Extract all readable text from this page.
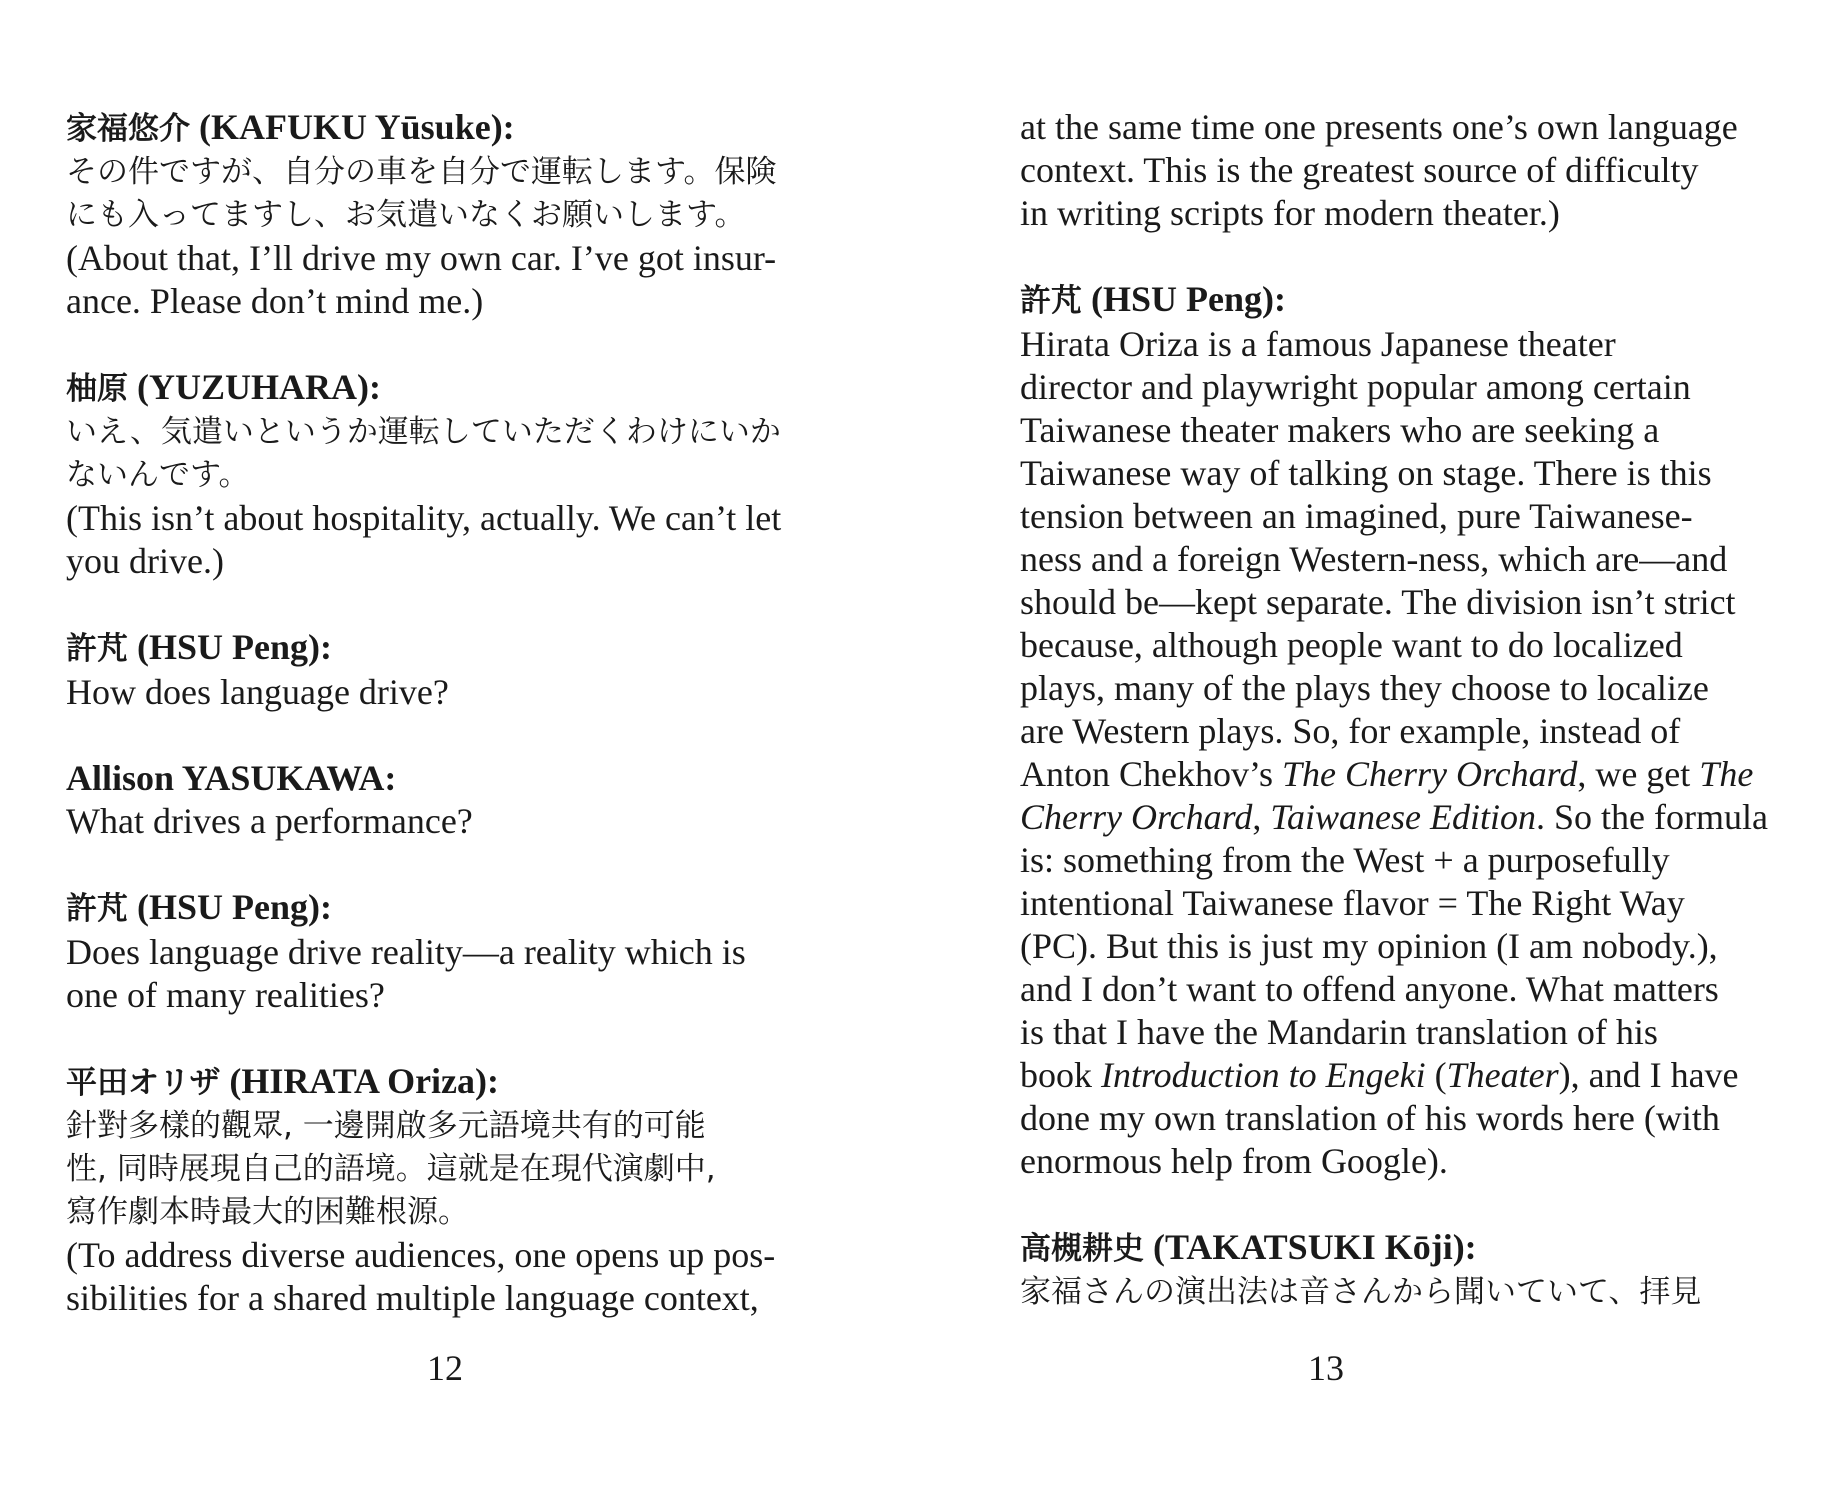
家福悠介 (KAFUKU Yūsuke):
その件ですが、自分の車を自分で運転します。保険
にも入ってますし、お気遣いなくお願いします。
(About that, I’ll drive my own car. I’ve got insur-
ance. Please don’t mind me.)
柚原 (YUZUHARA):
いえ、気遣いというか運転していただくわけにいか
ないんです。
(This isn’t about hospitality, actually. We can’t let
you drive.)
許芃 (HSU Peng):
How does language drive?
Allison YASUKAWA:
What drives a performance?
許芃 (HSU Peng):
Does language drive reality—a reality which is
one of many realities?
平田オリザ (HIRATA Oriza):
針對多樣的觀眾, 一邊開啟多元語境共有的可能
性, 同時展現自己的語境。這就是在現代演劇中,
寫作劇本時最大的困難根源。
(To address diverse audiences, one opens up pos-
sibilities for a shared multiple language context,
12
at the same time one presents one’s own language
context. This is the greatest source of difficulty
in writing scripts for modern theater.)
許芃 (HSU Peng):
Hirata Oriza is a famous Japanese theater
director and playwright popular among certain
Taiwanese theater makers who are seeking a
Taiwanese way of talking on stage. There is this
tension between an imagined, pure Taiwanese-
ness and a foreign Western-ness, which are—and
should be—kept separate. The division isn’t strict
because, although people want to do localized
plays, many of the plays they choose to localize
are Western plays. So, for example, instead of
Anton Chekhov’s The Cherry Orchard, we get The
Cherry Orchard, Taiwanese Edition. So the formula
is: something from the West + a purposefully
intentional Taiwanese flavor = The Right Way
(PC). But this is just my opinion (I am nobody.),
and I don’t want to offend anyone. What matters
is that I have the Mandarin translation of his
book Introduction to Engeki (Theater), and I have
done my own translation of his words here (with
enormous help from Google).
高槻耕史 (TAKATSUKI Kōji):
家福さんの演出法は音さんから聞いていて、拝見
13
